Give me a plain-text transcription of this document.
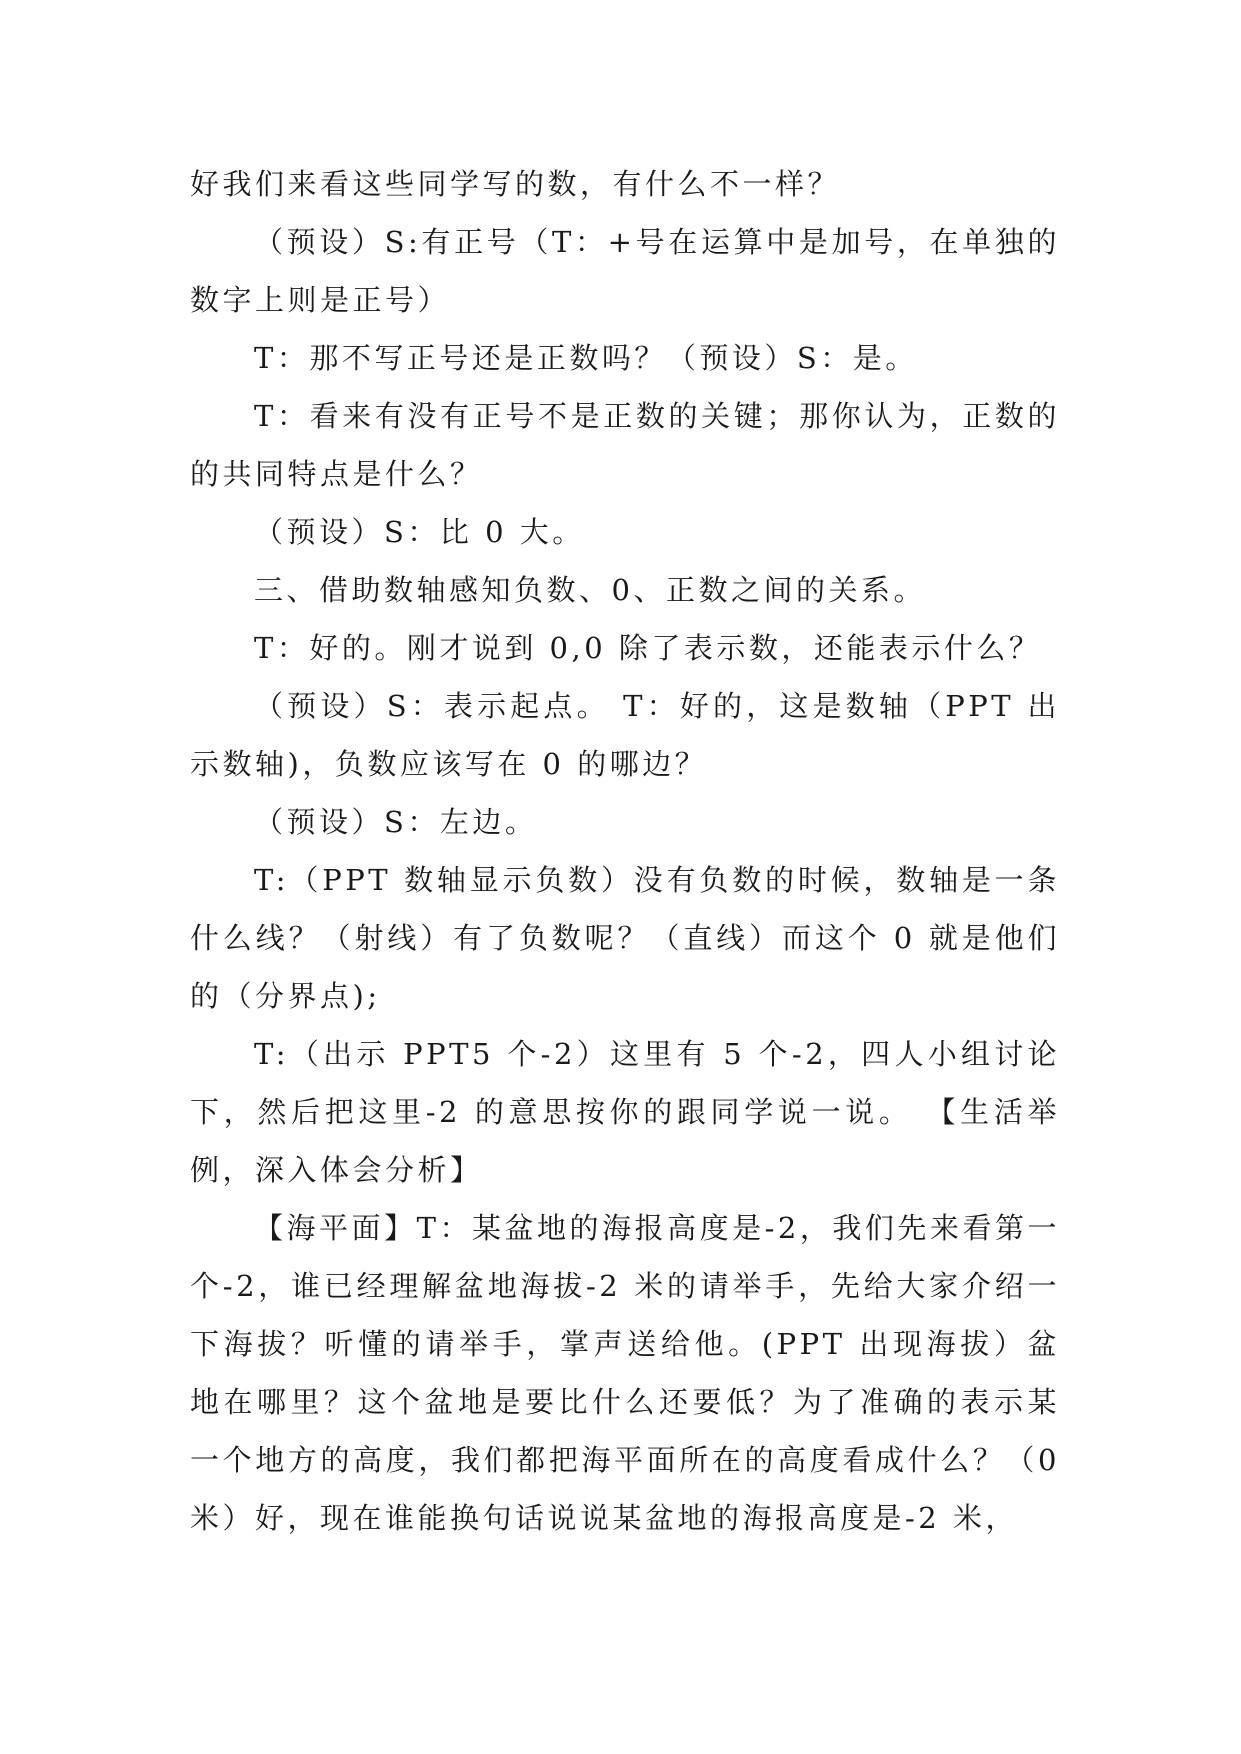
好我们来看这些同学写的数，有什么不一样？

（预设）S:有正号（T：+号在运算中是加号，在单独的数字上则是正号）

T：那不写正号还是正数吗？（预设）S：是。

T：看来有没有正号不是正数的关键；那你认为，正数的的共同特点是什么？

（预设）S：比 0 大。

三、借助数轴感知负数、0、正数之间的关系。

T：好的。刚才说到 0,0 除了表示数，还能表示什么？

（预设）S：表示起点。 T：好的，这是数轴（PPT 出示数轴)，负数应该写在 0 的哪边？

（预设）S：左边。

T:（PPT 数轴显示负数）没有负数的时候，数轴是一条什么线？（射线）有了负数呢？（直线）而这个 0 就是他们的（分界点);

T:（出示 PPT5 个-2）这里有 5 个-2，四人小组讨论下，然后把这里-2 的意思按你的跟同学说一说。 【生活举例，深入体会分析】

【海平面】T：某盆地的海报高度是-2，我们先来看第一个-2，谁已经理解盆地海拔-2 米的请举手，先给大家介绍一下海拔？听懂的请举手，掌声送给他。(PPT 出现海拔）盆地在哪里？这个盆地是要比什么还要低？为了准确的表示某一个地方的高度，我们都把海平面所在的高度看成什么？（0 米）好，现在谁能换句话说说某盆地的海报高度是-2 米，
